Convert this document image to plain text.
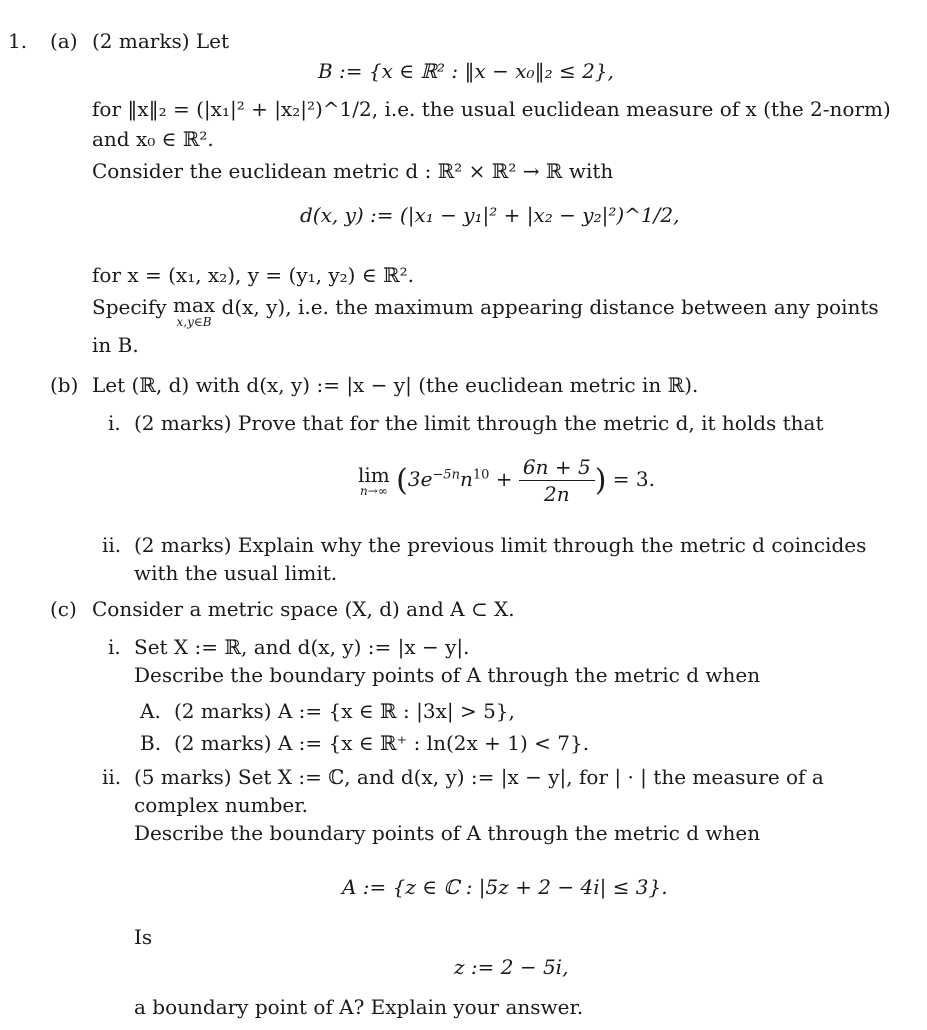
1. (a) (2 marks) Let
B := {x ∈ ℝ² : ‖x − x₀‖₂ ≤ 2},
for ‖x‖₂ = (|x₁|² + |x₂|²)^1/2, i.e. the usual euclidean measure of x (the 2-norm)
and x₀ ∈ ℝ².
Consider the euclidean metric d : ℝ² × ℝ² → ℝ with
d(x, y) := (|x₁ − y₁|² + |x₂ − y₂|²)^1/2,
for x = (x₁, x₂), y = (y₁, y₂) ∈ ℝ².
Specify max
x,y∈B
d(x, y), i.e. the maximum appearing distance between any points
in B.
(b) Let (ℝ, d) with d(x, y) := |x − y| (the euclidean metric in ℝ).
i. (2 marks) Prove that for the limit through the metric d, it holds that
lim
n→∞ ($3e^{-5n}n^{10} + \frac{6n + 5}{2n}$ ) = 3.
ii. (2 marks) Explain why the previous limit through the metric d coincides
with the usual limit.
(c) Consider a metric space (X, d) and A ⊂ X.
i. Set X := ℝ, and d(x, y) := |x − y|.
Describe the boundary points of A through the metric d when
A. (2 marks) A := {x ∈ ℝ : |3x| > 5},
B. (2 marks) A := {x ∈ ℝ⁺ : ln(2x + 1) < 7}.
ii. (5 marks) Set X := ℂ, and d(x, y) := |x − y|, for | · | the measure of a
complex number.
Describe the boundary points of A through the metric d when
A := {z ∈ ℂ : |5z + 2 − 4i| ≤ 3}.
Is
z := 2 − 5i,
a boundary point of A? Explain your answer.
